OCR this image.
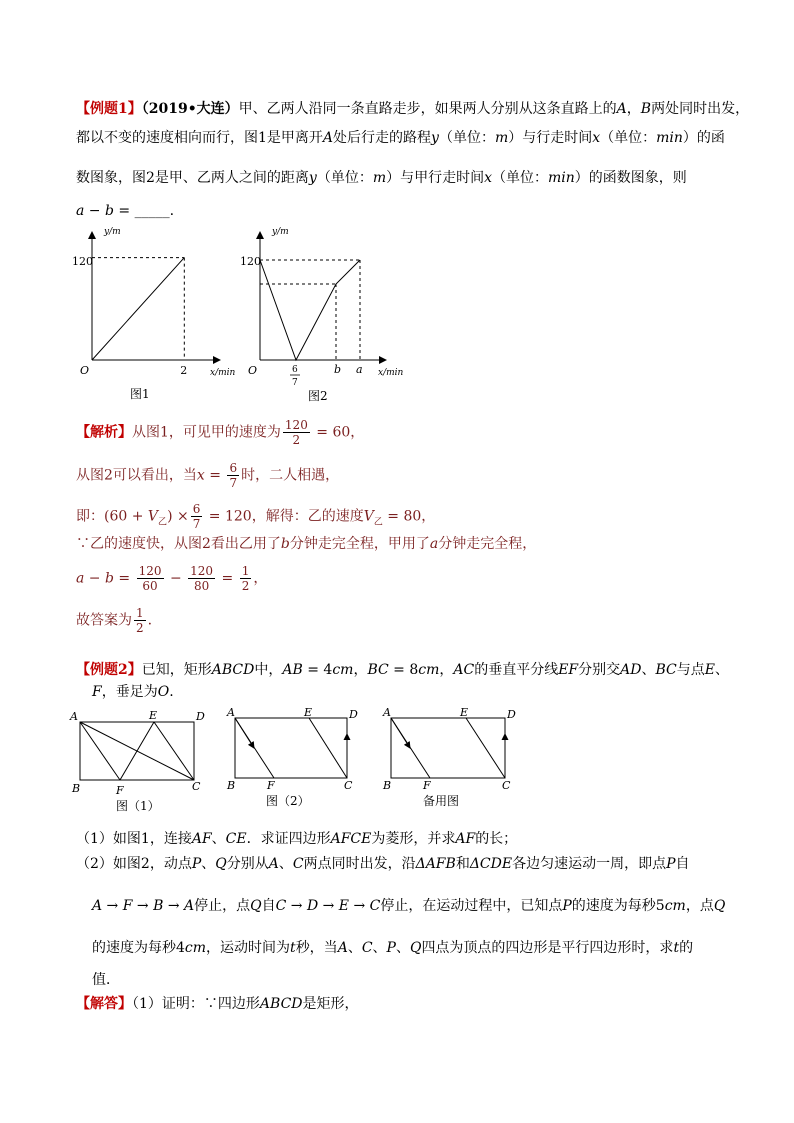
【例题1】（2019•大连）甲、乙两人沿同一条直路走步，如果两人分别从这条直路上的A，B两处同时出发，
都以不变的速度相向而行，图1是甲离开A处后行走的路程y（单位：m）与行走时间x（单位：min）的函
数图象，图2是甲、乙两人之间的距离y（单位：m）与甲行走时间x（单位：min）的函数图象，则
a − b = _____.
y/m
120
O	2	x/min
图1
y/m
120
O	6
7
b a x/min
图2
【解析】从图1，可见甲的速度为 $\frac{120}{2} = 60$，
从图2可以看出，当$x = \frac{6}{7}$ 时，二人相遇，
即：$(60 + V_乙) \times \frac{6}{7} = 120$，解得：乙的速度$V_乙 = 80$，
∵乙的速度快，从图2看出乙用了b分钟走完全程，甲用了a分钟走完全程，
$a - b = \frac{120}{60} - \frac{120}{80} = \frac{1}{2}$ ，
故答案为 $\frac{1}{2}$ .
【例题2】已知，矩形ABCD中，AB = 4cm，BC = 8cm，AC的垂直平分线EF分别交AD、BC与点E、
F，垂足为O.
A	E	D
B	F	C
图（1）
A	E	D
B	F	C
图（2）
A	E	D
B	F	C
备用图
（1）如图1，连接AF、CE．求证四边形AFCE为菱形，并求AF的长；
（2）如图2，动点P、Q分别从A、C两点同时出发，沿ΔAFB和ΔCDE各边匀速运动一周，即点P自
A → F → B → A停止，点Q自C → D → E → C停止，在运动过程中，已知点P的速度为每秒5cm，点Q
的速度为每秒4cm，运动时间为t秒，当A、C、P、Q四点为顶点的四边形是平行四边形时，求t的
值．
【解答】（1）证明：∵四边形ABCD是矩形，
